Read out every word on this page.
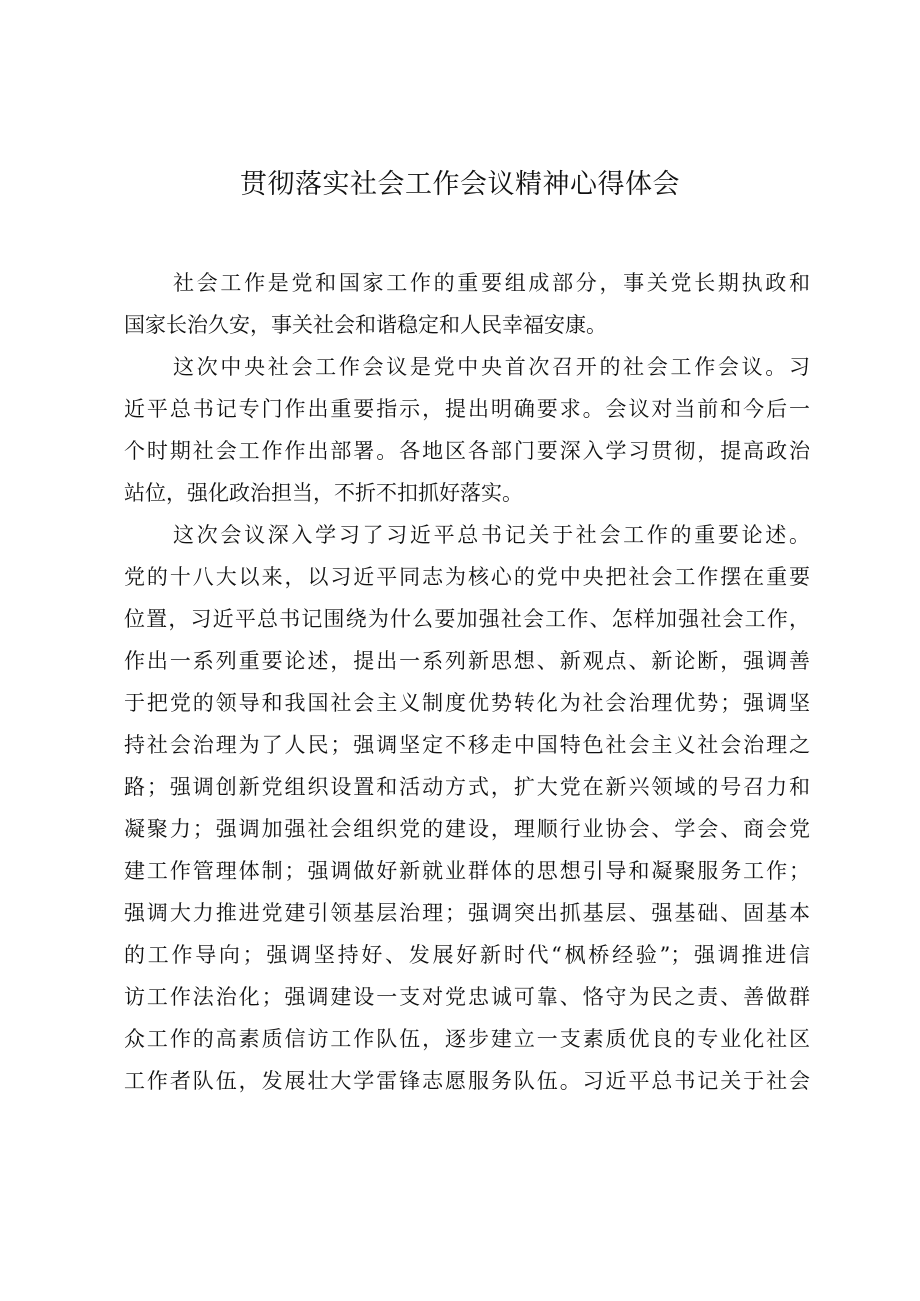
贯彻落实社会工作会议精神心得体会

社会工作是党和国家工作的重要组成部分，事关党长期执政和

国家长治久安，事关社会和谐稳定和人民幸福安康。

这次中央社会工作会议是党中央首次召开的社会工作会议。习

近平总书记专门作出重要指示，提出明确要求。会议对当前和今后一

个时期社会工作作出部署。各地区各部门要深入学习贯彻，提高政治

站位，强化政治担当，不折不扣抓好落实。

这次会议深入学习了习近平总书记关于社会工作的重要论述。

党的十八大以来，以习近平同志为核心的党中央把社会工作摆在重要

位置，习近平总书记围绕为什么要加强社会工作、怎样加强社会工作，

作出一系列重要论述，提出一系列新思想、新观点、新论断，强调善

于把党的领导和我国社会主义制度优势转化为社会治理优势；强调坚

持社会治理为了人民；强调坚定不移走中国特色社会主义社会治理之

路；强调创新党组织设置和活动方式，扩大党在新兴领域的号召力和

凝聚力；强调加强社会组织党的建设，理顺行业协会、学会、商会党

建工作管理体制；强调做好新就业群体的思想引导和凝聚服务工作；

强调大力推进党建引领基层治理；强调突出抓基层、强基础、固基本

的工作导向；强调坚持好、发展好新时代“枫桥经验”；强调推进信

访工作法治化；强调建设一支对党忠诚可靠、恪守为民之责、善做群

众工作的高素质信访工作队伍，逐步建立一支素质优良的专业化社区

工作者队伍，发展壮大学雷锋志愿服务队伍。习近平总书记关于社会
